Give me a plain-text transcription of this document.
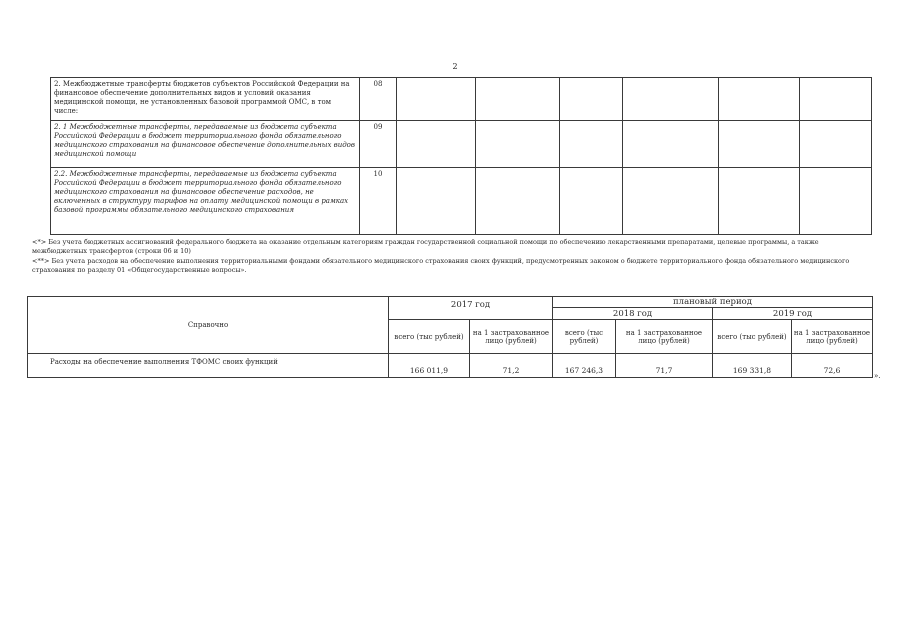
2
2. Межбюджетные трансферты бюджетов субъектов Российской Федерации на финансовое обеспечение дополнительных видов и условий оказания медицинской помощи, не установленных базовой программой ОМС, в том числе:	08						
2. 1 Межбюджетные трансферты, передаваемые из бюджета субъекта Российской Федерации в бюджет территориального фонда обязательного медицинского страхования на финансовое обеспечение дополнительных видов медицинской помощи	09						
2.2. Межбюджетные трансферты, передаваемые из бюджета субъекта Российской Федерации в бюджет территориального фонда обязательного медицинского страхования на финансовое обеспечение расходов, не включенных в структуру тарифов на оплату медицинской помощи в рамках базовой программы обязательного медицинского страхования	10						

<*> Без учета бюджетных ассигнований федерального бюджета на оказание отдельным категориям граждан государственной социальной помощи по обеспечению лекарственными препаратами, целевые программы, а также межбюджетных трансфертов (строки 06 и 10)

<**> Без учета расходов на обеспечение выполнения территориальными фондами обязательного медицинского страхования своих функций, предусмотренных законом о бюджете территориального фонда обязательного медицинского страхования по разделу 01 «Общегосударственные вопросы».

Справочно	2017 год		плановый период			
			2018 год		2019 год	
	всего (тыс рублей)	на 1 застрахованное лицо (рублей)	всего (тыс рублей)	на 1 застрахованное лицо (рублей)	всего (тыс рублей)	на 1 застрахованное лицо (рублей)
Расходы на обеспечение выполнения ТФОМС своих функций	166 011,9	71,2	167 246,3	71,7	169 331,8	72,6
».
